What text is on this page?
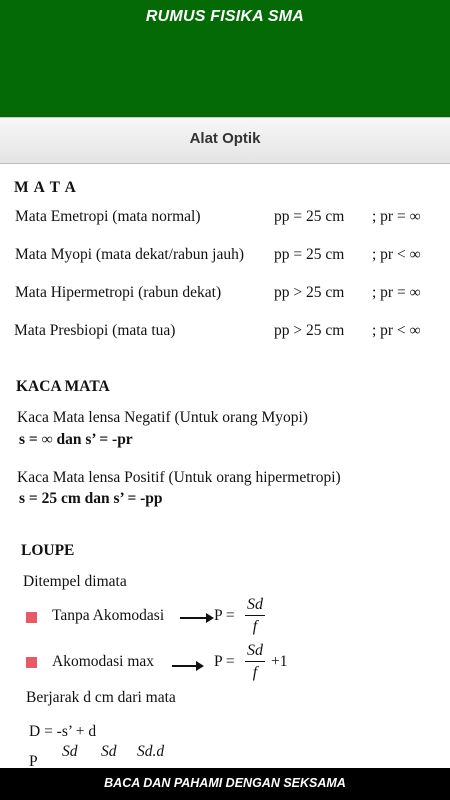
RUMUS FISIKA SMA
Alat Optik
M A T A
Mata Emetropi (mata normal)	pp = 25 cm ; pr = ∞
Mata Myopi (mata dekat/rabun jauh) pp = 25 cm ; pr < ∞
Mata Hipermetropi (rabun dekat)	pp > 25 cm ; pr = ∞
Mata Presbiopi (mata tua)	pp > 25 cm ; pr < ∞
KACA MATA
Kaca Mata lensa Negatif (Untuk orang Myopi)
s = ∞ dan s’ = -pr
Kaca Mata lensa Positif (Untuk orang hipermetropi)
s = 25 cm dan s’ = -pp
LOUPE
Ditempel dimata
Tanpa Akomodasi	$P = \frac{Sd}{f}$
Akomodasi max	$P = \frac{Sd}{f} +1$
Berjarak d cm dari mata
D = -s’ + d
P
Sd Sd Sd.d
BACA DAN PAHAMI DENGAN SEKSAMA
